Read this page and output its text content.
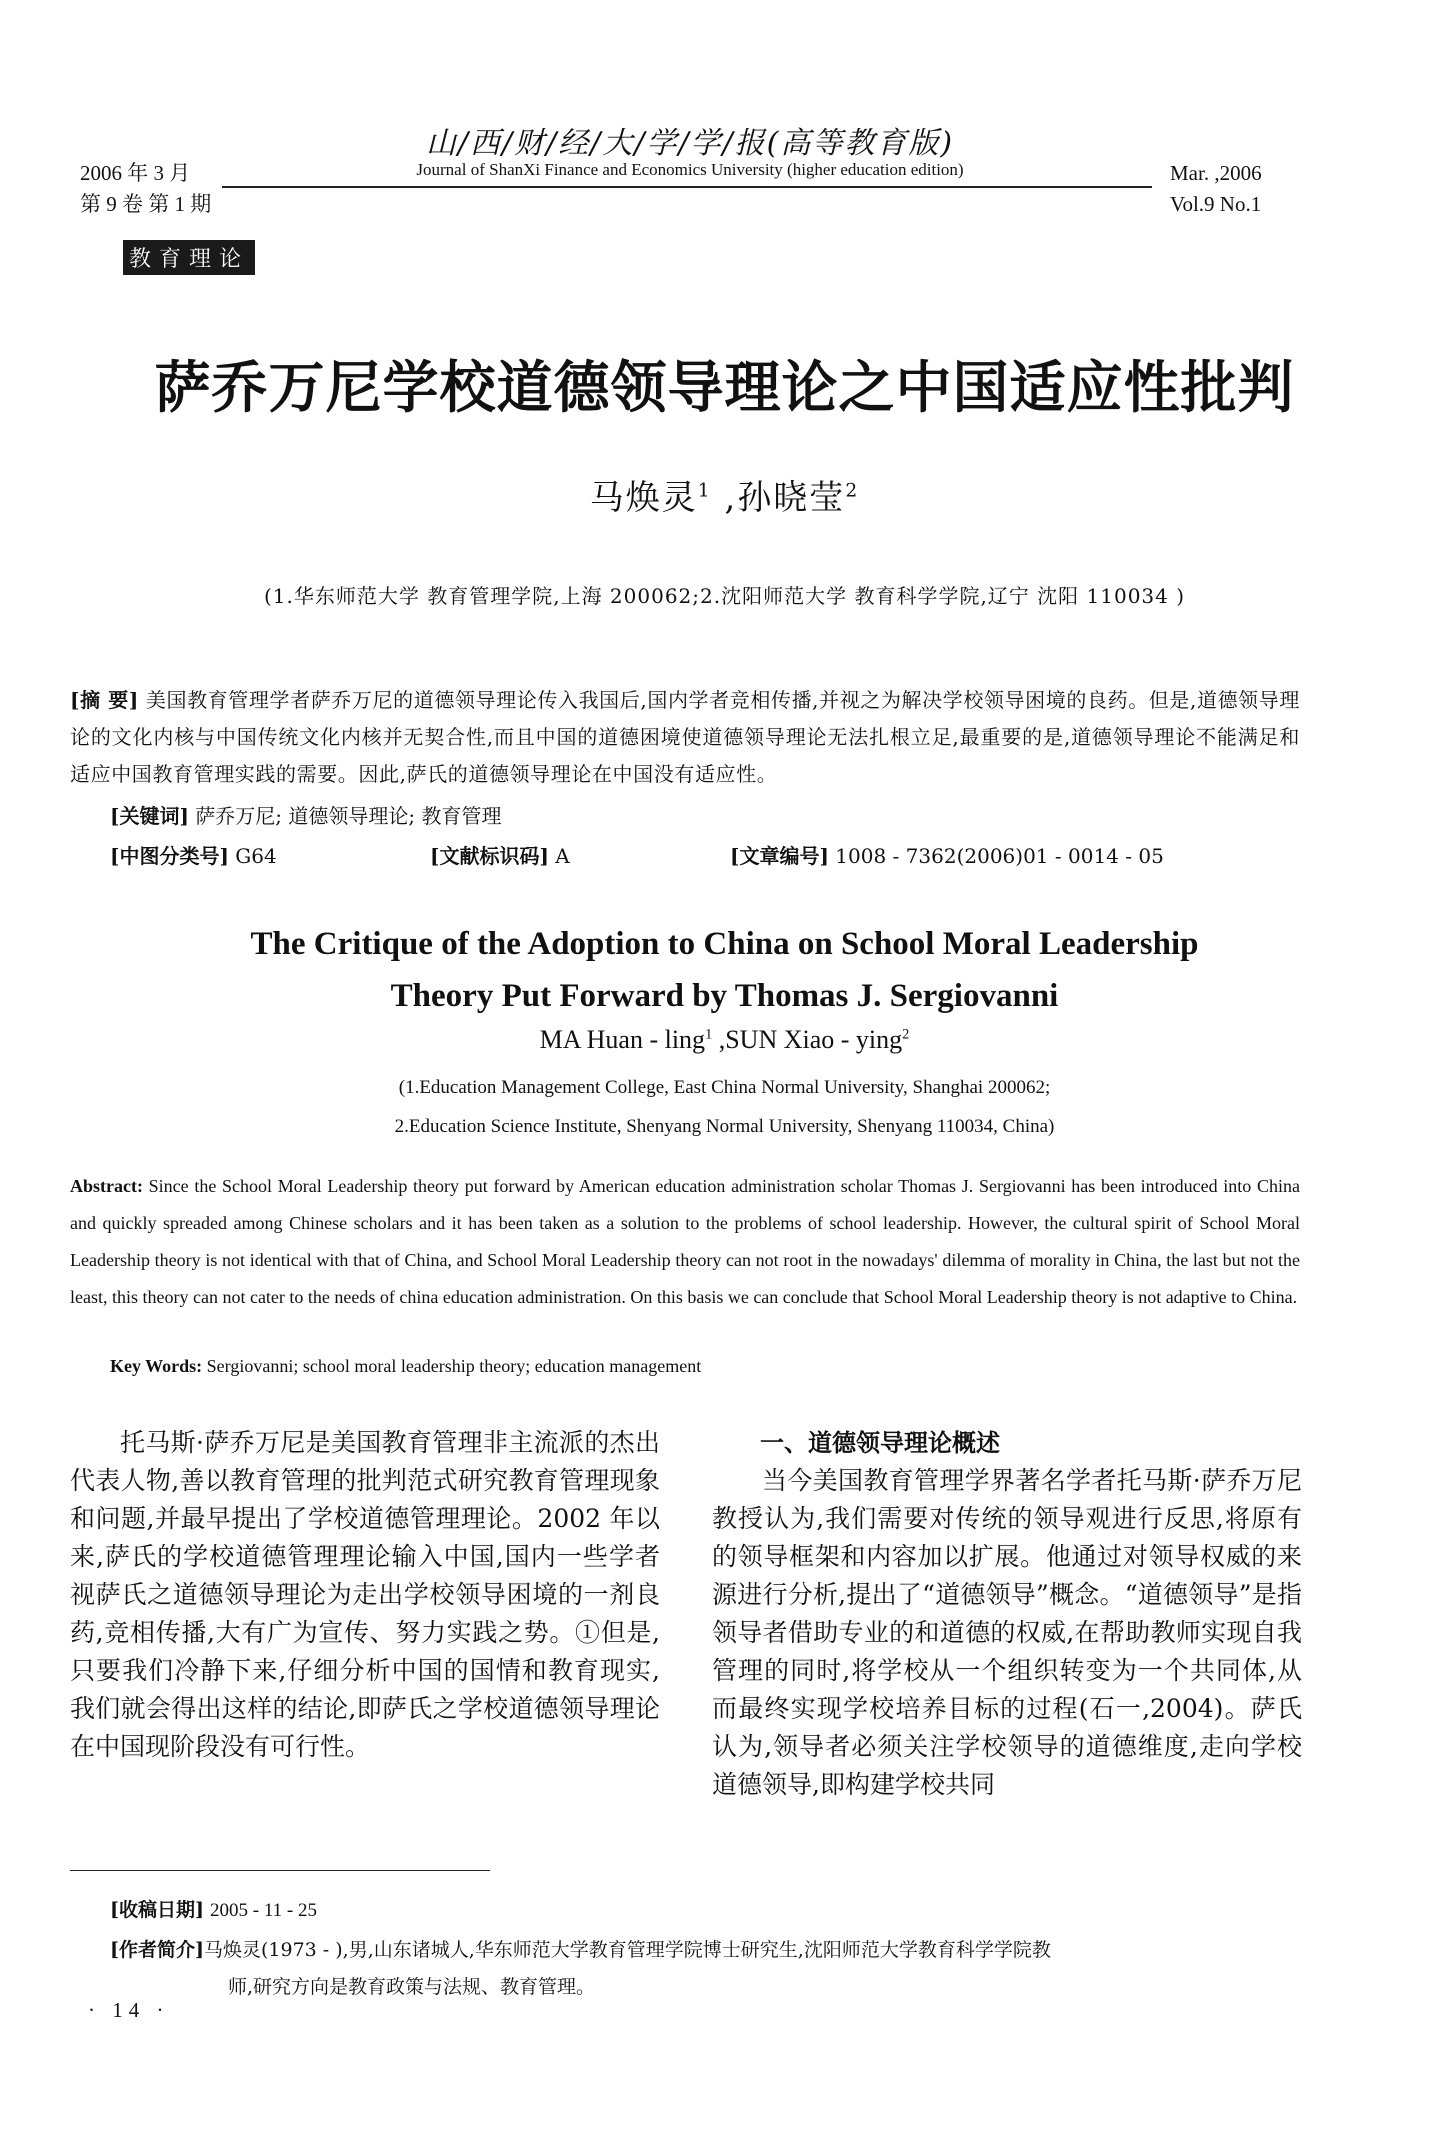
2006 年 3 月
第 9 卷 第 1 期
山/西/财/经/大/学/学/报(高等教育版)
Journal of ShanXi Finance and Economics University (higher education edition)	Mar. ,2006
Vol.9 No.1
教育理论
萨乔万尼学校道德领导理论之中国适应性批判
马焕灵$^1$ ,孙晓莹$^2$
(1.华东师范大学 教育管理学院,上海 200062;2.沈阳师范大学 教育科学学院,辽宁 沈阳 110034 )
[摘 要] 美国教育管理学者萨乔万尼的道德领导理论传入我国后,国内学者竞相传播,并视之为解决学校领导困境的良药。但是,道德领导理论的文化内核与中国传统文化内核并无契合性,而且中国的道德困境使道德领导理论无法扎根立足,最重要的是,道德领导理论不能满足和适应中国教育管理实践的需要。因此,萨氏的道德领导理论在中国没有适应性。
[关键词] 萨乔万尼; 道德领导理论; 教育管理
[中图分类号] G64	[文献标识码] A	[文章编号] 1008 - 7362(2006)01 - 0014 - 05
The Critique of the Adoption to China on School Moral Leadership
Theory Put Forward by Thomas J. Sergiovanni
MA Huan - ling$^1$ ,SUN Xiao - ying$^2$
(1.Education Management College, East China Normal University, Shanghai 200062;
2.Education Science Institute, Shenyang Normal University, Shenyang 110034, China)
Abstract: Since the School Moral Leadership theory put forward by American education administration scholar Thomas J. Sergiovanni has been introduced into China and quickly spreaded among Chinese scholars and it has been taken as a solution to the problems of school leadership. However, the cultural spirit of School Moral Leadership theory is not identical with that of China, and School Moral Leadership theory can not root in the nowadays' dilemma of morality in China, the last but not the least, this theory can not cater to the needs of china education administration. On this basis we can conclude that School Moral Leadership theory is not adaptive to China.
Key Words: Sergiovanni; school moral leadership theory; education management

托马斯·萨乔万尼是美国教育管理非主流派的杰出代表人物,善以教育管理的批判范式研究教育管理现象和问题,并最早提出了学校道德管理理论。2002 年以来,萨氏的学校道德管理理论输入中国,国内一些学者视萨氏之道德领导理论为走出学校领导困境的一剂良药,竞相传播,大有广为宣传、努力实践之势。①但是,只要我们冷静下来,仔细分析中国的国情和教育现实,我们就会得出这样的结论,即萨氏之学校道德领导理论在中国现阶段没有可行性。

一、道德领导理论概述

当今美国教育管理学界著名学者托马斯·萨乔万尼教授认为,我们需要对传统的领导观进行反思,将原有的领导框架和内容加以扩展。他通过对领导权威的来源进行分析,提出了“道德领导”概念。“道德领导”是指领导者借助专业的和道德的权威,在帮助教师实现自我管理的同时,将学校从一个组织转变为一个共同体,从而最终实现学校培养目标的过程(石一,2004)。萨氏认为,领导者必须关注学校领导的道德维度,走向学校道德领导,即构建学校共同

[收稿日期] 2005 - 11 - 25
[作者简介]马焕灵(1973 - ),男,山东诸城人,华东师范大学教育管理学院博士研究生,沈阳师范大学教育科学学院教
师,研究方向是教育政策与法规、教育管理。
· 14 ·
